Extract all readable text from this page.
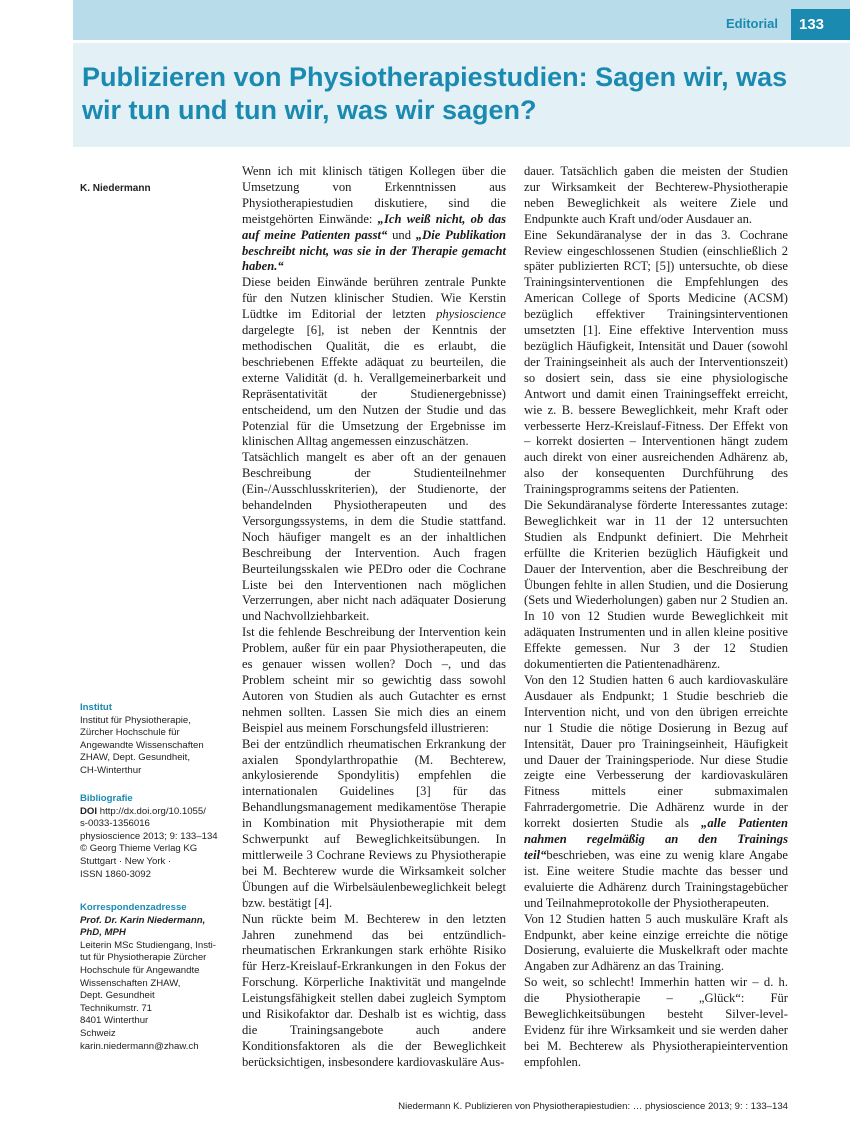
Editorial	133
Publizieren von Physiotherapiestudien: Sagen wir, was wir tun und tun wir, was wir sagen?
K. Niedermann
Institut
Institut für Physiotherapie,
Zürcher Hochschule für
Angewandte Wissenschaften
ZHAW, Dept. Gesundheit,
CH-Winterthur
Bibliografie
DOI http://dx.doi.org/10.1055/
s-0033-1356016
physioscience 2013; 9: 133–134
© Georg Thieme Verlag KG
Stuttgart · New York ·
ISSN 1860-3092
Korrespondenzadresse
Prof. Dr. Karin Niedermann,
PhD, MPH
Leiterin MSc Studiengang, Insti-
tut für Physiotherapie Zürcher
Hochschule für Angewandte
Wissenschaften ZHAW,
Dept. Gesundheit
Technikumstr. 71
8401 Winterthur
Schweiz
karin.niedermann@zhaw.ch

Wenn ich mit klinisch tätigen Kollegen über die Umsetzung von Erkenntnissen aus Physiotherapiestudien diskutiere, sind die meistgehörten Einwände: „Ich weiß nicht, ob das auf meine Patienten passt“ und „Die Publikation beschreibt nicht, was sie in der Therapie gemacht haben.“

Diese beiden Einwände berühren zentrale Punkte für den Nutzen klinischer Studien. Wie Kerstin Lüdtke im Editorial der letzten physioscience dargelegte [6], ist neben der Kenntnis der methodischen Qualität, die es erlaubt, die beschriebenen Effekte adäquat zu beurteilen, die externe Validität (d. h. Verallgemeinerbarkeit und Repräsentativität der Studienergebnisse) entscheidend, um den Nutzen der Studie und das Potenzial für die Umsetzung der Ergebnisse im klinischen Alltag angemessen einzuschätzen.

Tatsächlich mangelt es aber oft an der genauen Beschreibung der Studienteilnehmer (Ein-/Ausschlusskriterien), der Studienorte, der behandelnden Physiotherapeuten und des Versorgungssystems, in dem die Studie stattfand. Noch häufiger mangelt es an der inhaltlichen Beschreibung der Intervention. Auch fragen Beurteilungsskalen wie PEDro oder die Cochrane Liste bei den Interventionen nach möglichen Verzerrungen, aber nicht nach adäquater Dosierung und Nachvollziehbarkeit.

Ist die fehlende Beschreibung der Intervention kein Problem, außer für ein paar Physiotherapeuten, die es genauer wissen wollen? Doch –, und das Problem scheint mir so gewichtig dass sowohl Autoren von Studien als auch Gutachter es ernst nehmen sollten. Lassen Sie mich dies an einem Beispiel aus meinem Forschungsfeld illustrieren:

Bei der entzündlich rheumatischen Erkrankung der axialen Spondylarthropathie (M. Bechterew, ankylosierende Spondylitis) empfehlen die internationalen Guidelines [3] für das Behandlungsmanagement medikamentöse Therapie in Kombination mit Physiotherapie mit dem Schwerpunkt auf Beweglichkeitsübungen. In mittlerweile 3 Cochrane Reviews zu Physiotherapie bei M. Bechterew wurde die Wirksamkeit solcher Übungen auf die Wirbelsäulenbeweglichkeit belegt bzw. bestätigt [4].

Nun rückte beim M. Bechterew in den letzten Jahren zunehmend das bei entzündlich-rheumatischen Erkrankungen stark erhöhte Risiko für Herz-Kreislauf-Erkrankungen in den Fokus der Forschung. Körperliche Inaktivität und mangelnde Leistungsfähigkeit stellen dabei zugleich Symptom und Risikofaktor dar. Deshalb ist es wichtig, dass die Trainingsangebote auch andere Konditionsfaktoren als die der Beweglichkeit berücksichtigen, insbesondere kardiovaskuläre Aus-

dauer. Tatsächlich gaben die meisten der Studien zur Wirksamkeit der Bechterew-Physiotherapie neben Beweglichkeit als weitere Ziele und Endpunkte auch Kraft und/oder Ausdauer an.

Eine Sekundäranalyse der in das 3. Cochrane Review eingeschlossenen Studien (einschließlich 2 später publizierten RCT; [5]) untersuchte, ob diese Trainingsinterventionen die Empfehlungen des American College of Sports Medicine (ACSM) bezüglich effektiver Trainingsinterventionen umsetzten [1]. Eine effektive Intervention muss bezüglich Häufigkeit, Intensität und Dauer (sowohl der Trainingseinheit als auch der Interventionszeit) so dosiert sein, dass sie eine physiologische Antwort und damit einen Trainingseffekt erreicht, wie z. B. bessere Beweglichkeit, mehr Kraft oder verbesserte Herz-Kreislauf-Fitness. Der Effekt von – korrekt dosierten – Interventionen hängt zudem auch direkt von einer ausreichenden Adhärenz ab, also der konsequenten Durchführung des Trainingsprogramms seitens der Patienten.

Die Sekundäranalyse förderte Interessantes zutage: Beweglichkeit war in 11 der 12 untersuchten Studien als Endpunkt definiert. Die Mehrheit erfüllte die Kriterien bezüglich Häufigkeit und Dauer der Intervention, aber die Beschreibung der Übungen fehlte in allen Studien, und die Dosierung (Sets und Wiederholungen) gaben nur 2 Studien an. In 10 von 12 Studien wurde Beweglichkeit mit adäquaten Instrumenten und in allen kleine positive Effekte gemessen. Nur 3 der 12 Studien dokumentierten die Patientenadhärenz.

Von den 12 Studien hatten 6 auch kardiovaskuläre Ausdauer als Endpunkt; 1 Studie beschrieb die Intervention nicht, und von den übrigen erreichte nur 1 Studie die nötige Dosierung in Bezug auf Intensität, Dauer pro Trainingseinheit, Häufigkeit und Dauer der Trainingsperiode. Nur diese Studie zeigte eine Verbesserung der kardiovaskulären Fitness mittels einer submaximalen Fahrradergometrie. Die Adhärenz wurde in der korrekt dosierten Studie als „alle Patienten nahmen regelmäßig an den Trainings teil“beschrieben, was eine zu wenig klare Angabe ist. Eine weitere Studie machte das besser und evaluierte die Adhärenz durch Trainingstagebücher und Teilnahmeprotokolle der Physiotherapeuten.

Von 12 Studien hatten 5 auch muskuläre Kraft als Endpunkt, aber keine einzige erreichte die nötige Dosierung, evaluierte die Muskelkraft oder machte Angaben zur Adhärenz an das Training.

So weit, so schlecht! Immerhin hatten wir – d. h. die Physiotherapie – „Glück“: Für Beweglichkeitsübungen besteht Silver-level-Evidenz für ihre Wirksamkeit und sie werden daher bei M. Bechterew als Physiotherapieintervention empfohlen.

Niedermann K. Publizieren von Physiotherapiestudien: … physioscience 2013; 9: : 133–134
